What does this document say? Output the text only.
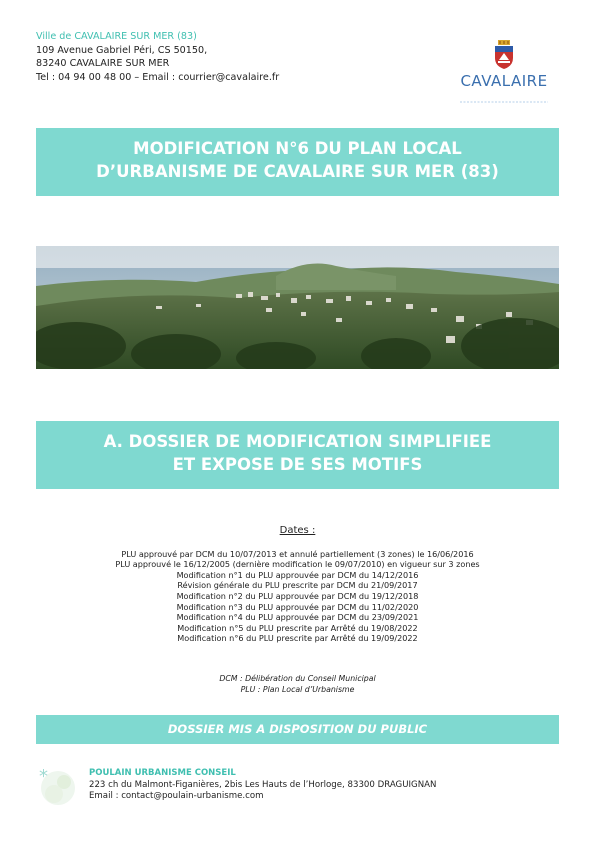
Ville de CAVALAIRE SUR MER (83)
109 Avenue Gabriel Péri, CS 50150,
83240 CAVALAIRE SUR MER
Tel : 04 94 00 48 00 – Email : courrier@cavalaire.fr	CAVALAIRE
MODIFICATION N°6 DU PLAN LOCAL
D’URBANISME DE CAVALAIRE SUR MER (83)
A. DOSSIER DE MODIFICATION SIMPLIFIEE
ET EXPOSE DE SES MOTIFS
Dates :
PLU approuvé par DCM du 10/07/2013 et annulé partiellement (3 zones) le 16/06/2016
PLU approuvé le 16/12/2005 (dernière modification le 09/07/2010) en vigueur sur 3 zones
Modification n°1 du PLU approuvée par DCM du 14/12/2016
Révision générale du PLU prescrite par DCM du 21/09/2017
Modification n°2 du PLU approuvée par DCM du 19/12/2018
Modification n°3 du PLU approuvée par DCM du 11/02/2020
Modification n°4 du PLU approuvée par DCM du 23/09/2021
Modification n°5 du PLU prescrite par Arrêté du 19/08/2022
Modification n°6 du PLU prescrite par Arrêté du 19/09/2022
DCM : Délibération du Conseil Municipal
PLU : Plan Local d’Urbanisme
DOSSIER MIS A DISPOSITION DU PUBLIC
*	POULAIN URBANISME CONSEIL
223 ch du Malmont-Figanières, 2bis Les Hauts de l’Horloge, 83300 DRAGUIGNAN
Email : contact@poulain-urbanisme.com
